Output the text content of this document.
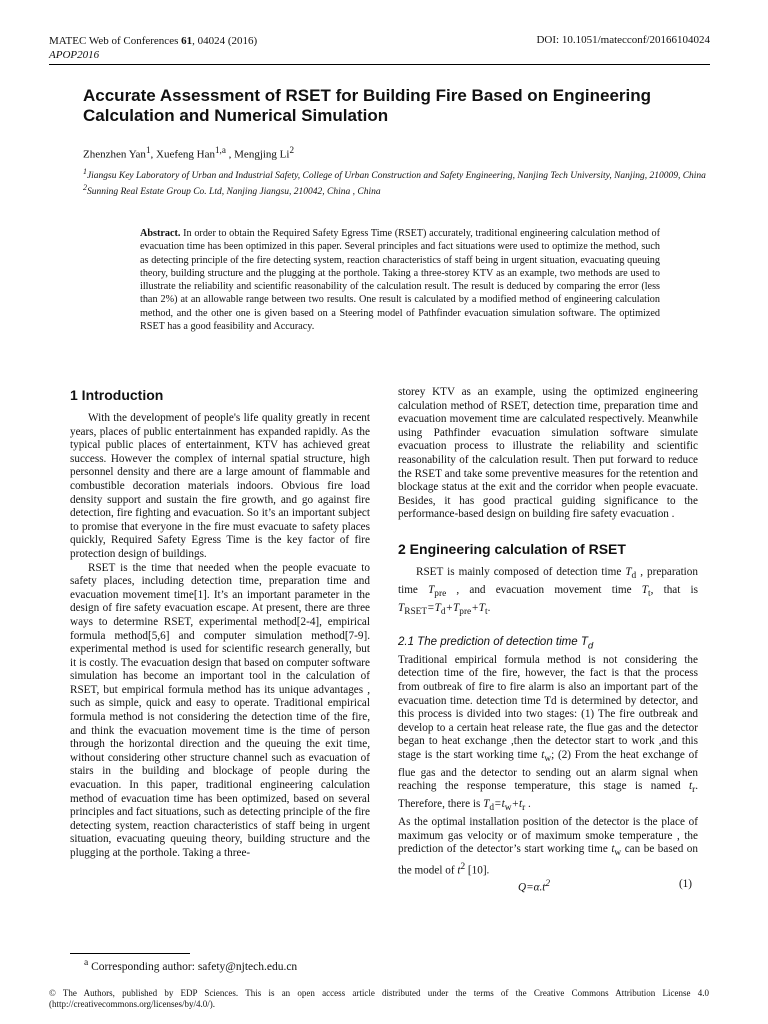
MATEC Web of Conferences 61, 04024 (2016)
APOP2016
DOI: 10.1051/matecconf/20166104024
Accurate Assessment of RSET for Building Fire Based on Engineering Calculation and Numerical Simulation
Zhenzhen Yan$^1$, Xuefeng Han$^{1,a}$ , Mengjing Li$^2$

$^1$Jiangsu Key Laboratory of Urban and Industrial Safety, College of Urban Construction and Safety Engineering, Nanjing Tech University, Nanjing, 210009, China

$^2$Sunning Real Estate Group Co. Ltd, Nanjing Jiangsu, 210042, China , China

Abstract. In order to obtain the Required Safety Egress Time (RSET) accurately, traditional engineering calculation method of evacuation time has been optimized in this paper. Several principles and fact situations were used to optimize the method, such as detecting principle of the fire detecting system, reaction characteristics of staff being in urgent situation, evacuating queuing theory, building structure and the plugging at the porthole. Taking a three-storey KTV as an example, two methods are used to illustrate the reliability and scientific reasonability of the calculation result. The result is deduced by comparing the error (less than 2%) at an allowable range between two results. One result is calculated by a modified method of engineering calculation method, and the other one is given based on a Steering model of Pathfinder evacuation simulation software. The optimized RSET has a good feasibility and Accuracy.
1 Introduction

With the development of people's life quality greatly in recent years, places of public entertainment has expanded rapidly. As the typical public places of entertainment, KTV has achieved great success. However the complex of internal spatial structure, high personnel density and there are a large amount of flammable and combustible decoration materials indoors. Obvious fire load density support and sustain the fire growth, and go against fire detection, fire fighting and evacuation. So it’s an important subject to promise that everyone in the fire must evacuate to safety places quickly, Required Safety Egress Time is the key factor of fire protection design of buildings.

RSET is the time that needed when the people evacuate to safety places, including detection time, preparation time and evacuation movement time[1]. It’s an important parameter in the design of fire safety evacuation escape. At present, there are three ways to determine RSET, experimental method[2-4], empirical formula method[5,6] and computer simulation method[7-9]. experimental method is used for scientific research generally, but it is costly. The evacuation design that based on computer software simulation has become an important tool in the calculation of RSET, but empirical formula method has its unique advantages , such as simple, quick and easy to operate. Traditional empirical formula method is not considering the detection time of the fire, and think the evacuation movement time is the time of person through the horizontal direction and the queuing the exit time, without considering other structure channel such as evacuation of stairs in the building and blockage of people during the evacuation. In this paper, traditional engineering calculation method of evacuation time has been optimized, based on several principles and fact situations, such as detecting principle of the fire detecting system, reaction characteristics of staff being in urgent situation, evacuating queuing theory, building structure and the plugging at the porthole. Taking a three-

storey KTV as an example, using the optimized engineering calculation method of RSET, detection time, preparation time and evacuation movement time are calculated respectively. Meanwhile using Pathfinder evacuation simulation software simulate evacuation process to illustrate the reliability and scientific reasonability of the calculation result. Then put forward to reduce the RSET and take some preventive measures for the retention and blockage status at the exit and the corridor when people evacuate. Besides, it has good practical guiding significance to the performance-based design on building fire safety evacuation .

2 Engineering calculation of RSET

RSET is mainly composed of detection time $T_d$ , preparation time $T_{pre}$ , and evacuation movement time $T_t$, that is $T_{RSET}=T_d+T_{pre}+T_t$.

2.1 The prediction of detection time $T_d$

Traditional empirical formula method is not considering the detection time of the fire, however, the fact is that the process from outbreak of fire to fire alarm is also an important part of the evacuation time. detection time Td is determined by detector, and this process is divided into two stages: (1) The fire outbreak and develop to a certain heat release rate, the flue gas and the detector began to heat exchange ,then the detector start to work ,and this stage is the start working time $t_w$; (2) From the heat exchange of flue gas and the detector to sending out an alarm signal when reaching the response temperature, this stage is named $t_r$. Therefore, there is $T_d=t_w+t_r$ .

As the optimal installation position of the detector is the place of maximum gas velocity or of maximum smoke temperature , the prediction of the detector’s start working time $t_w$ can be based on the model of $t^2$ [10].

$Q=\alpha.t^2$	(1)
$^a$ Corresponding author: safety@njtech.edu.cn
© The Authors, published by EDP Sciences. This is an open access article distributed under the terms of the Creative Commons Attribution License 4.0 (http://creativecommons.org/licenses/by/4.0/).
